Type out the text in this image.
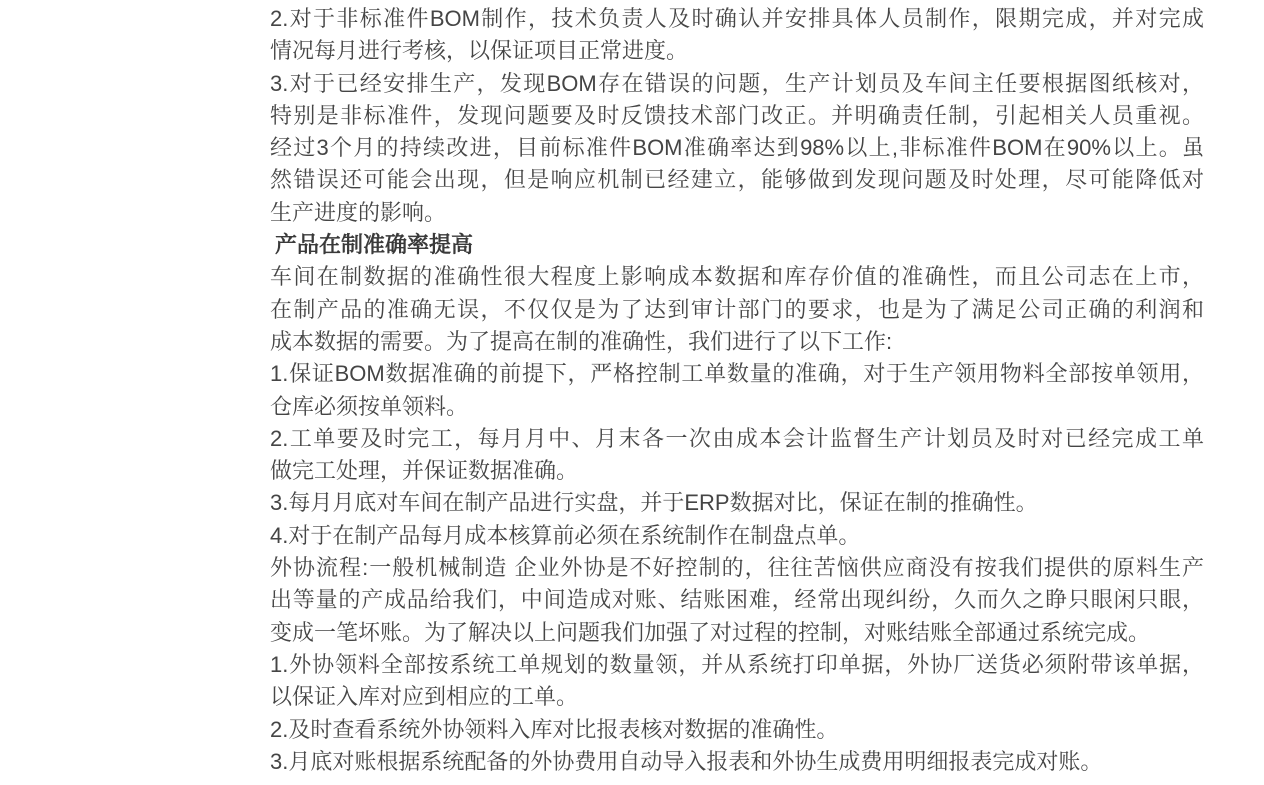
2.对于非标准件BOM制作，技术负责人及时确认并安排具体人员制作，限期完成，并对完成
情况每月进行考核，以保证项目正常进度。
3.对于已经安排生产，发现BOM存在错误的问题，生产计划员及车间主任要根据图纸核对，
特别是非标准件，发现问题要及时反馈技术部门改正。并明确责任制，引起相关人员重视。
经过3个月的持续改进，目前标准件BOM准确率达到98%以上,非标准件BOM在90%以上。虽
然错误还可能会出现，但是响应机制已经建立，能够做到发现问题及时处理，尽可能降低对
生产进度的影响。
产品在制准确率提高
车间在制数据的准确性很大程度上影响成本数据和库存价值的准确性，而且公司志在上市，
在制产品的准确无误，不仅仅是为了达到审计部门的要求，也是为了满足公司正确的利润和
成本数据的需要。为了提高在制的准确性，我们进行了以下工作:
1.保证BOM数据准确的前提下，严格控制工单数量的准确，对于生产领用物料全部按单领用，
仓库必须按单领料。
2.工单要及时完工，每月月中、月末各一次由成本会计监督生产计划员及时对已经完成工单
做完工处理，并保证数据准确。
3.每月月底对车间在制产品进行实盘，并于ERP数据对比，保证在制的推确性。
4.对于在制产品每月成本核算前必须在系统制作在制盘点单。
外协流程:一般机械制造 企业外协是不好控制的，往往苦恼供应商没有按我们提供的原料生产
出等量的产成品给我们，中间造成对账、结账困难，经常出现纠纷，久而久之睁只眼闲只眼，
变成一笔坏账。为了解决以上问题我们加强了对过程的控制，对账结账全部通过系统完成。
1.外协领料全部按系统工单规划的数量领，并从系统打印单据，外协厂送货必须附带该单据，
以保证入库对应到相应的工单。
2.及时查看系统外协领料入库对比报表核对数据的准确性。
3.月底对账根据系统配备的外协费用自动导入报表和外协生成费用明细报表完成对账。
